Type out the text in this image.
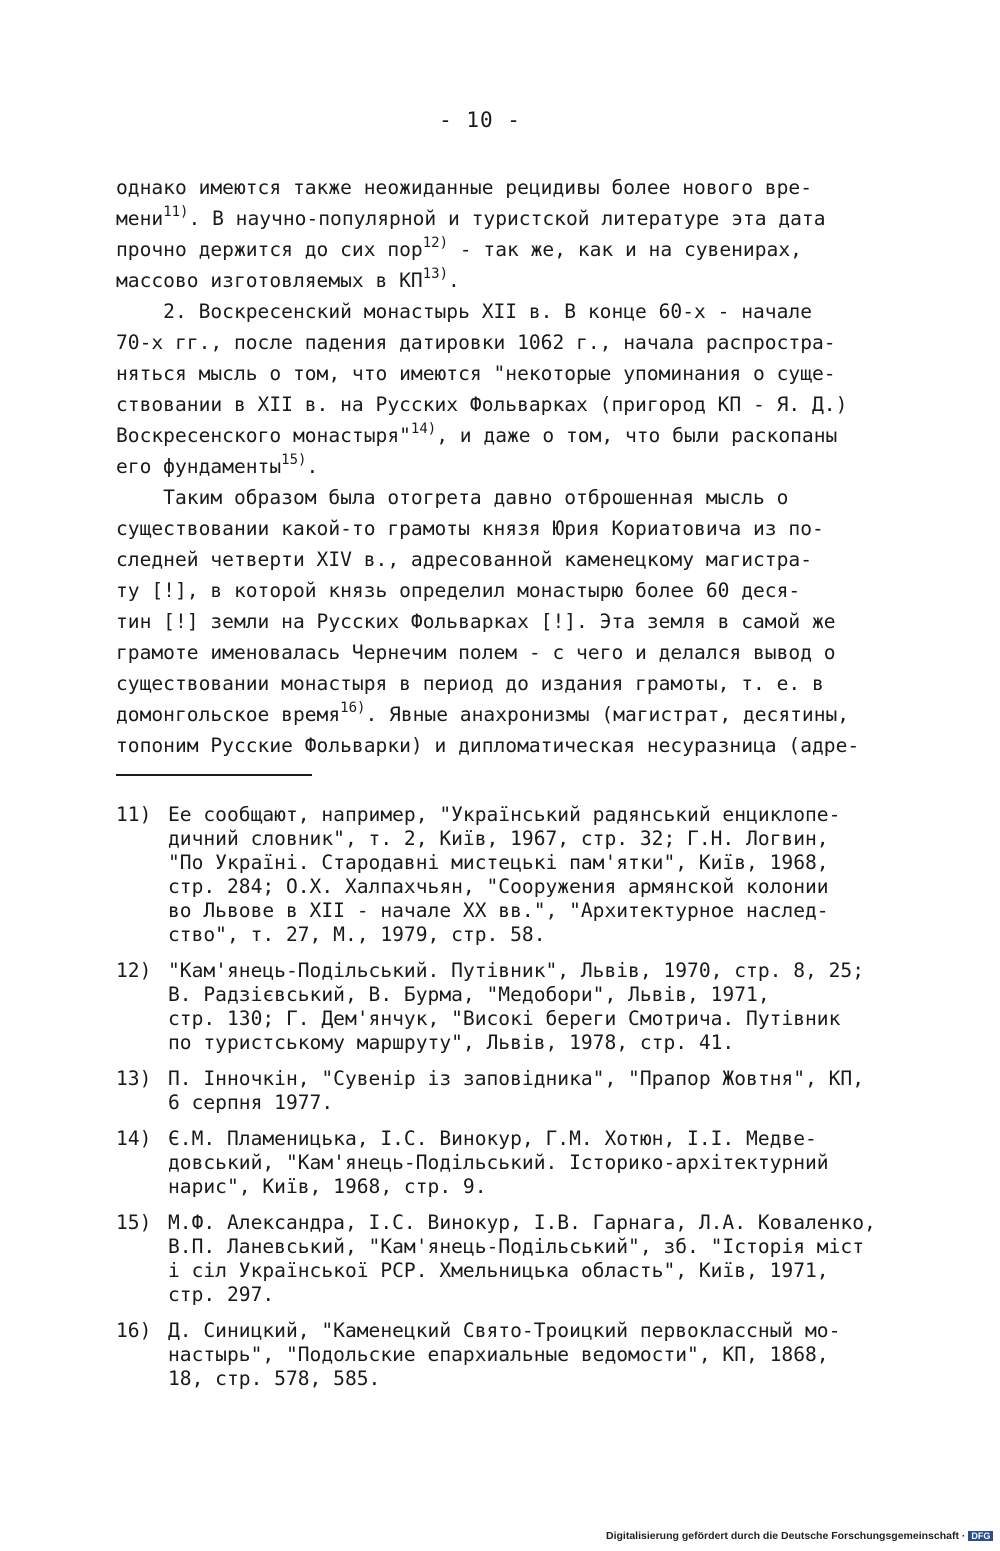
- 10 -
однако имеются также неожиданные рецидивы более нового вре-
мени$^{11)}$. В научно-популярной и туристской литературе эта дата
прочно держится до сих пор$^{12)}$ - так же, как и на сувенирах,
массово изготовляемых в КП$^{13)}$.
2. Воскресенский монастырь XII в. В конце 60-х - начале
70-х гг., после падения датировки 1062 г., начала распростра-
няться мысль о том, что имеются "некоторые упоминания о суще-
ствовании в XII в. на Русских Фольварках (пригород КП - Я. Д.)
Воскресенского монастыря"$^{14)}$, и даже о том, что были раскопаны
его фундаменты$^{15)}$.
Таким образом была отогрета давно отброшенная мысль о
существовании какой-то грамоты князя Юрия Кориатовича из по-
следней четверти XIV в., адресованной каменецкому магистра-
ту [!], в которой князь определил монастырю более 60 деся-
тин [!] земли на Русских Фольварках [!]. Эта земля в самой же
грамоте именовалась Чернечим полем - с чего и делался вывод о
существовании монастыря в период до издания грамоты, т. е. в
домонгольское время$^{16)}$. Явные анахронизмы (магистрат, десятины,
топоним Русские Фольварки) и дипломатическая несуразница (адре-
11) Ее сообщают, например, "Український радянський енциклопе-
дичний словник", т. 2, Київ, 1967, стр. 32; Г.Н. Логвин,
"По Україні. Стародавні мистецькі пам'ятки", Київ, 1968,
стр. 284; О.Х. Халпахчьян, "Сооружения армянской колонии
во Львове в XII - начале XX вв.", "Архитектурное наслед-
ство", т. 27, М., 1979, стр. 58.
12) "Кам'янець-Подільський. Путівник", Львів, 1970, стр. 8, 25;
В. Радзієвський, В. Бурма, "Медобори", Львів, 1971,
стр. 130; Г. Дем'янчук, "Високі береги Смотрича. Путівник
по туристському маршруту", Львів, 1978, стр. 41.
13) П. Інночкін, "Сувенір із заповідника", "Прапор Жовтня", КП,
6 серпня 1977.
14) Є.М. Пламеницька, І.С. Винокур, Г.М. Хотюн, І.І. Медве-
довський, "Кам'янець-Подільський. Історико-архітектурний
нарис", Київ, 1968, стр. 9.
15) М.Ф. Александра, І.С. Винокур, І.В. Гарнага, Л.А. Коваленко,
В.П. Ланевський, "Кам'янець-Подільський", зб. "Історія міст
і сіл Української РСР. Хмельницька область", Київ, 1971,
стр. 297.
16) Д. Синицкий, "Каменецкий Свято-Троицкий первоклассный мо-
настырь", "Подольские епархиальные ведомости", КП, 1868,
18, стр. 578, 585.
Digitalisierung gefördert durch die Deutsche Forschungsgemeinschaft · DFG
